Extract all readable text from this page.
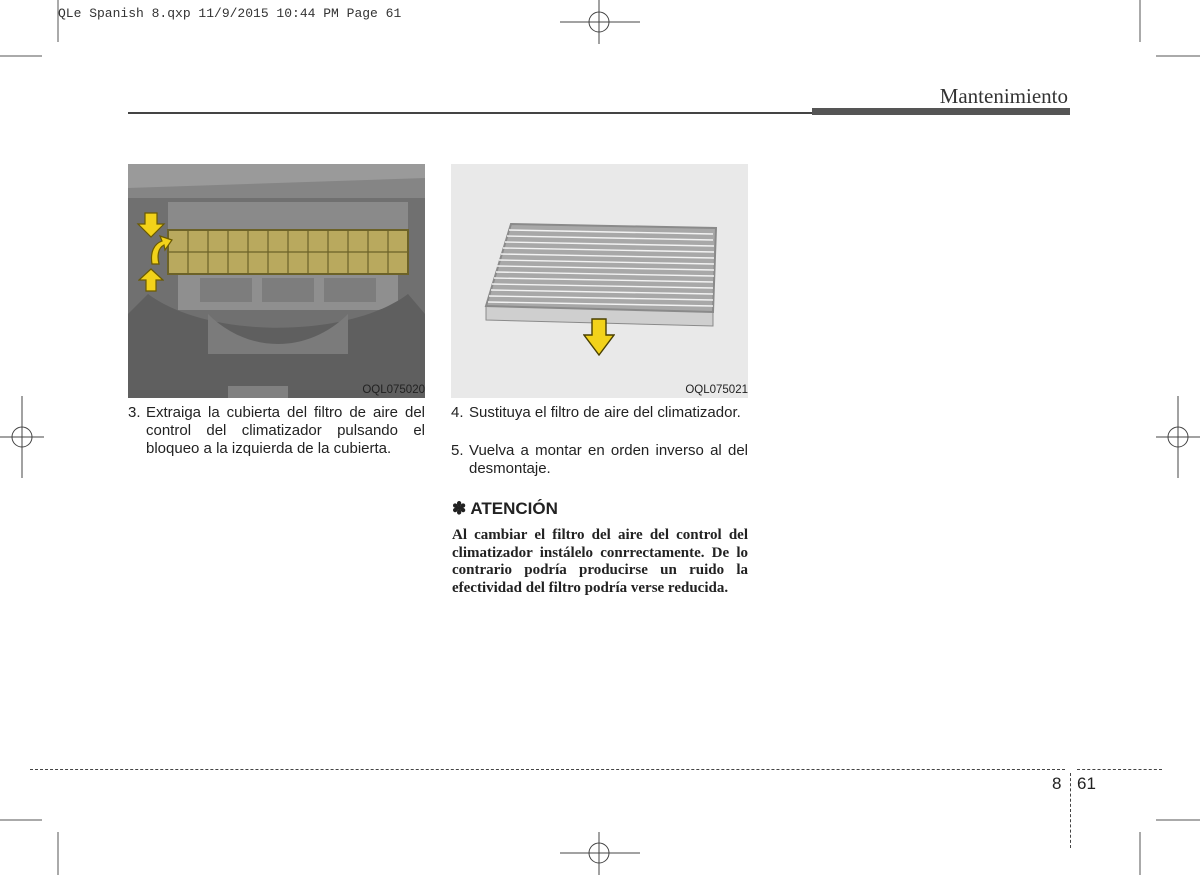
QLe Spanish 8.qxp 11/9/2015 10:44 PM Page 61
Mantenimiento
OQL075020	OQL075021
3. Extraiga la cubierta del filtro de aire del control del climatizador pulsando el bloqueo a la izquierda de la cubierta.
4. Sustituya el filtro de aire del climatizador.
5. Vuelva a montar en orden inverso al del desmontaje.
✽ ATENCIÓN
Al cambiar el filtro del aire del control del climatizador instálelo conrrectamente. De lo contrario podría producirse un ruido la efectividad del filtro podría verse reducida.
8 61
